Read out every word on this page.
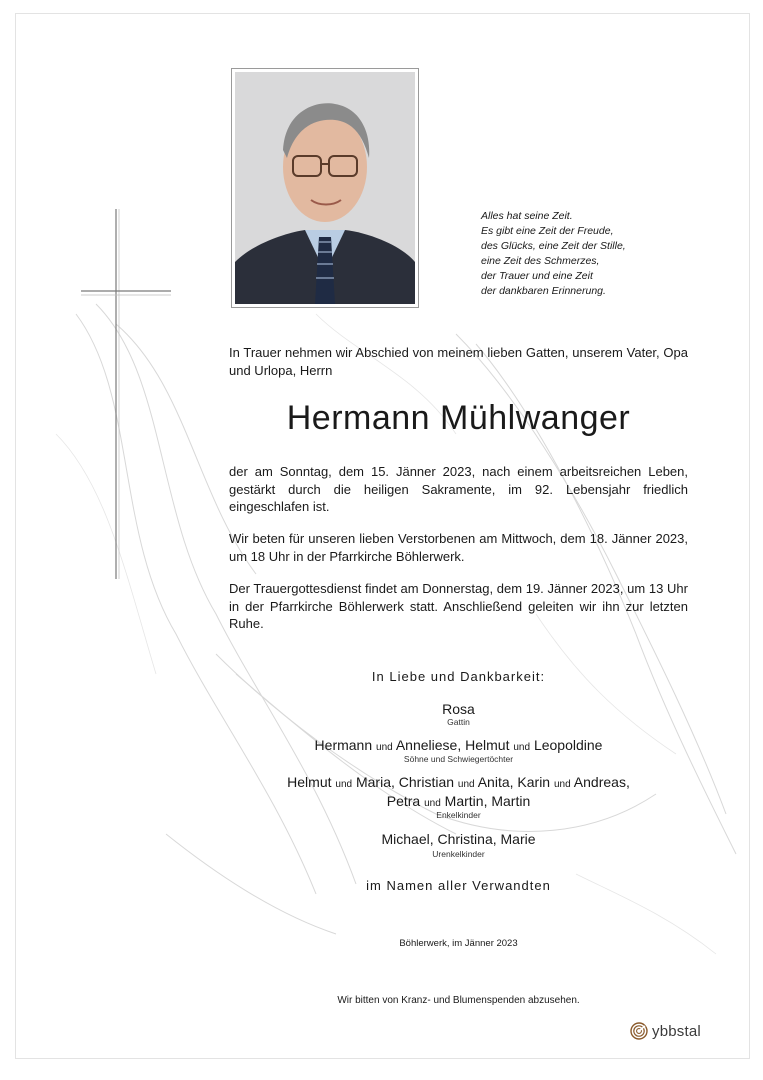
Alles hat seine Zeit.
Es gibt eine Zeit der Freude,
des Glücks, eine Zeit der Stille,
eine Zeit des Schmerzes,
der Trauer und eine Zeit
der dankbaren Erinnerung.
In Trauer nehmen wir Abschied von meinem lieben Gatten, unserem Vater, Opa und Urlopa, Herrn
Hermann Mühlwanger
der am Sonntag, dem 15. Jänner 2023, nach einem arbeitsreichen Leben, gestärkt durch die heiligen Sakramente, im 92. Lebensjahr friedlich eingeschlafen ist.
Wir beten für unseren lieben Verstorbenen am Mittwoch, dem 18. Jänner 2023, um 18 Uhr in der Pfarrkirche Böhlerwerk.
Der Trauergottesdienst findet am Donnerstag, dem 19. Jänner 2023, um 13 Uhr in der Pfarrkirche Böhlerwerk statt. Anschließend geleiten wir ihn zur letzten Ruhe.
In Liebe und Dankbarkeit:
Rosa
Gattin
Hermann und Anneliese, Helmut und Leopoldine
Söhne und Schwiegertöchter
Helmut und Maria, Christian und Anita, Karin und Andreas,
Petra und Martin, Martin
Enkelkinder
Michael, Christina, Marie
Urenkelkinder
im Namen aller Verwandten
Böhlerwerk, im Jänner 2023
Wir bitten von Kranz- und Blumenspenden abzusehen.
ybbstal
